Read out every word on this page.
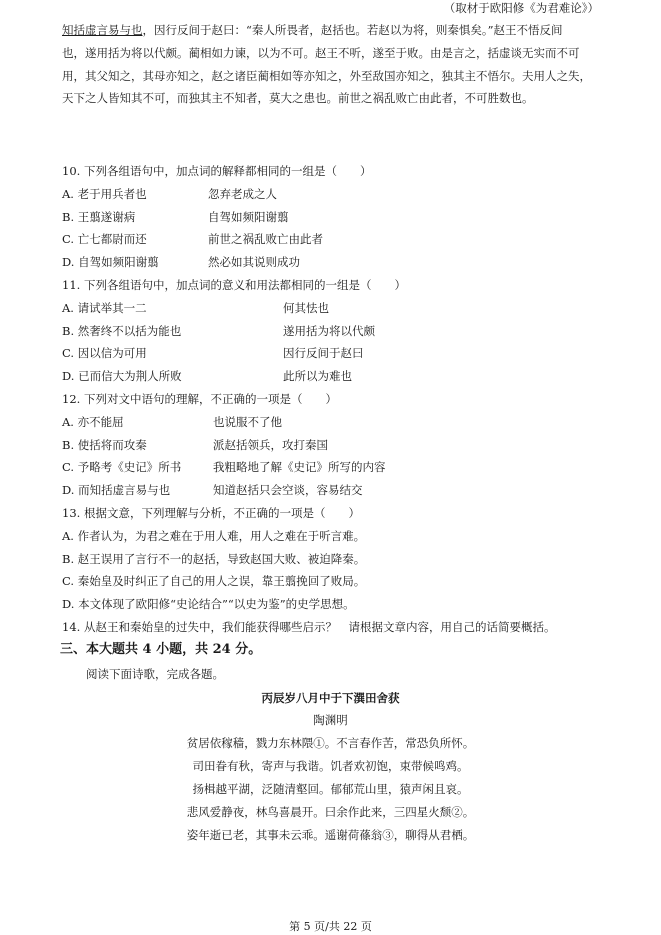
知括虚言易与也，因行反间于赵曰：“秦人所畏者，赵括也。若赵以为将，则秦惧矣。”赵王不悟反间
也，遂用括为将以代颇。蔺相如力谏，以为不可。赵王不听，遂至于败。由是言之，括虚谈无实而不可
用，其父知之，其母亦知之，赵之诸臣蔺相如等亦知之，外至敌国亦知之，独其主不悟尔。夫用人之失，
天下之人皆知其不可，而独其主不知者，莫大之患也。前世之祸乱败亡由此者，不可胜数也。
（取材于欧阳修《为君难论》）
10. 下列各组语句中，加点词的解释都相同的一组是（　　）
A. 老于用兵者也	忽弃老成之人
B. 王翦遂谢病	自驾如频阳谢翦
C. 亡七都尉而还	前世之祸乱败亡由此者
D. 自驾如频阳谢翦	然必如其说则成功
11. 下列各组语句中，加点词的意义和用法都相同的一组是（　　）
A. 请试举其一二	何其怯也
B. 然奢终不以括为能也	遂用括为将以代颇
C. 因以信为可用	因行反间于赵曰
D. 已而信大为荆人所败	此所以为难也
12. 下列对文中语句的理解，不正确的一项是（　　）
A. 亦不能屈	也说服不了他
B. 使括将而攻秦	派赵括领兵，攻打秦国
C. 予略考《史记》所书	我粗略地了解《史记》所写的内容
D. 而知括虚言易与也	知道赵括只会空谈，容易结交
13. 根据文意，下列理解与分析，不正确的一项是（　　）
A. 作者认为，为君之难在于用人难，用人之难在于听言难。
B. 赵王误用了言行不一的赵括，导致赵国大败、被迫降秦。
C. 秦始皇及时纠正了自己的用人之误，靠王翦挽回了败局。
D. 本文体现了欧阳修“史论结合”“以史为鉴”的史学思想。
14. 从赵王和秦始皇的过失中，我们能获得哪些启示？　请根据文章内容，用自己的话简要概括。
三、本大题共 4 小题，共 24 分。
阅读下面诗歌，完成各题。
丙辰岁八月中于下潠田舍获
陶渊明
贫居依稼穑，戮力东林隈①。不言春作苦，常恐负所怀。
司田眷有秋，寄声与我谐。饥者欢初饱，束带候鸣鸡。
扬楫越平湖，泛随清壑回。郁郁荒山里，猿声闲且哀。
悲风爱静夜，林鸟喜晨开。曰余作此来，三四星火颓②。
姿年逝已老，其事未云乖。遥谢荷蓧翁③，聊得从君栖。
第 5 页/共 22 页
